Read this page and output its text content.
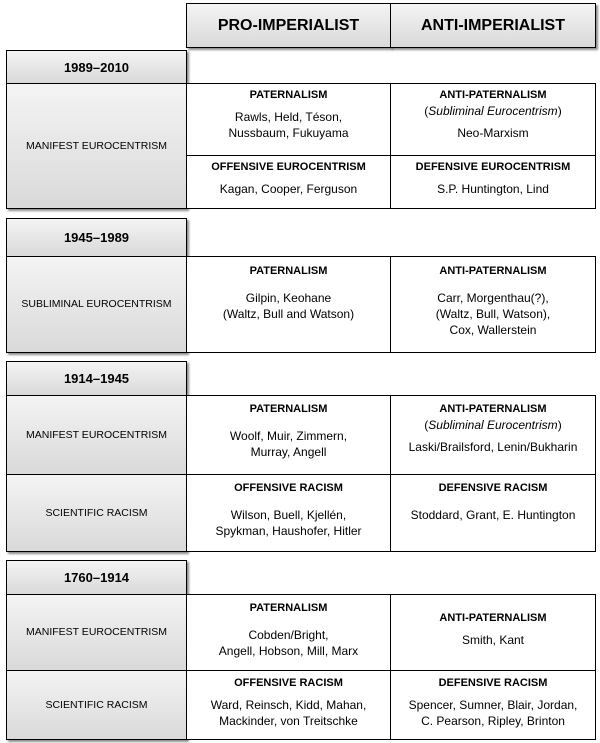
PRO-IMPERIALIST	ANTI-IMPERIALIST
1989–2010
MANIFEST EUROCENTRISM
PATERNALISM
Rawls, Held, Téson,
Nussbaum, Fukuyama
ANTI-PATERNALISM
(Subliminal Eurocentrism)
Neo-Marxism
OFFENSIVE EUROCENTRISM
Kagan, Cooper, Ferguson
DEFENSIVE EUROCENTRISM
S.P. Huntington, Lind
1945–1989
SUBLIMINAL EUROCENTRISM
PATERNALISM
Gilpin, Keohane
(Waltz, Bull and Watson)
ANTI-PATERNALISM
Carr, Morgenthau(?),
(Waltz, Bull, Watson),
Cox, Wallerstein
1914–1945
MANIFEST EUROCENTRISM
SCIENTIFIC RACISM
PATERNALISM
Woolf, Muir, Zimmern,
Murray, Angell
ANTI-PATERNALISM
(Subliminal Eurocentrism)
Laski/Brailsford, Lenin/Bukharin
OFFENSIVE RACISM
Wilson, Buell, Kjellén,
Spykman, Haushofer, Hitler
DEFENSIVE RACISM
Stoddard, Grant, E. Huntington
1760–1914
MANIFEST EUROCENTRISM
SCIENTIFIC RACISM
PATERNALISM
Cobden/Bright,
Angell, Hobson, Mill, Marx
ANTI-PATERNALISM
Smith, Kant
OFFENSIVE RACISM
Ward, Reinsch, Kidd, Mahan,
Mackinder, von Treitschke
DEFENSIVE RACISM
Spencer, Sumner, Blair, Jordan,
C. Pearson, Ripley, Brinton
